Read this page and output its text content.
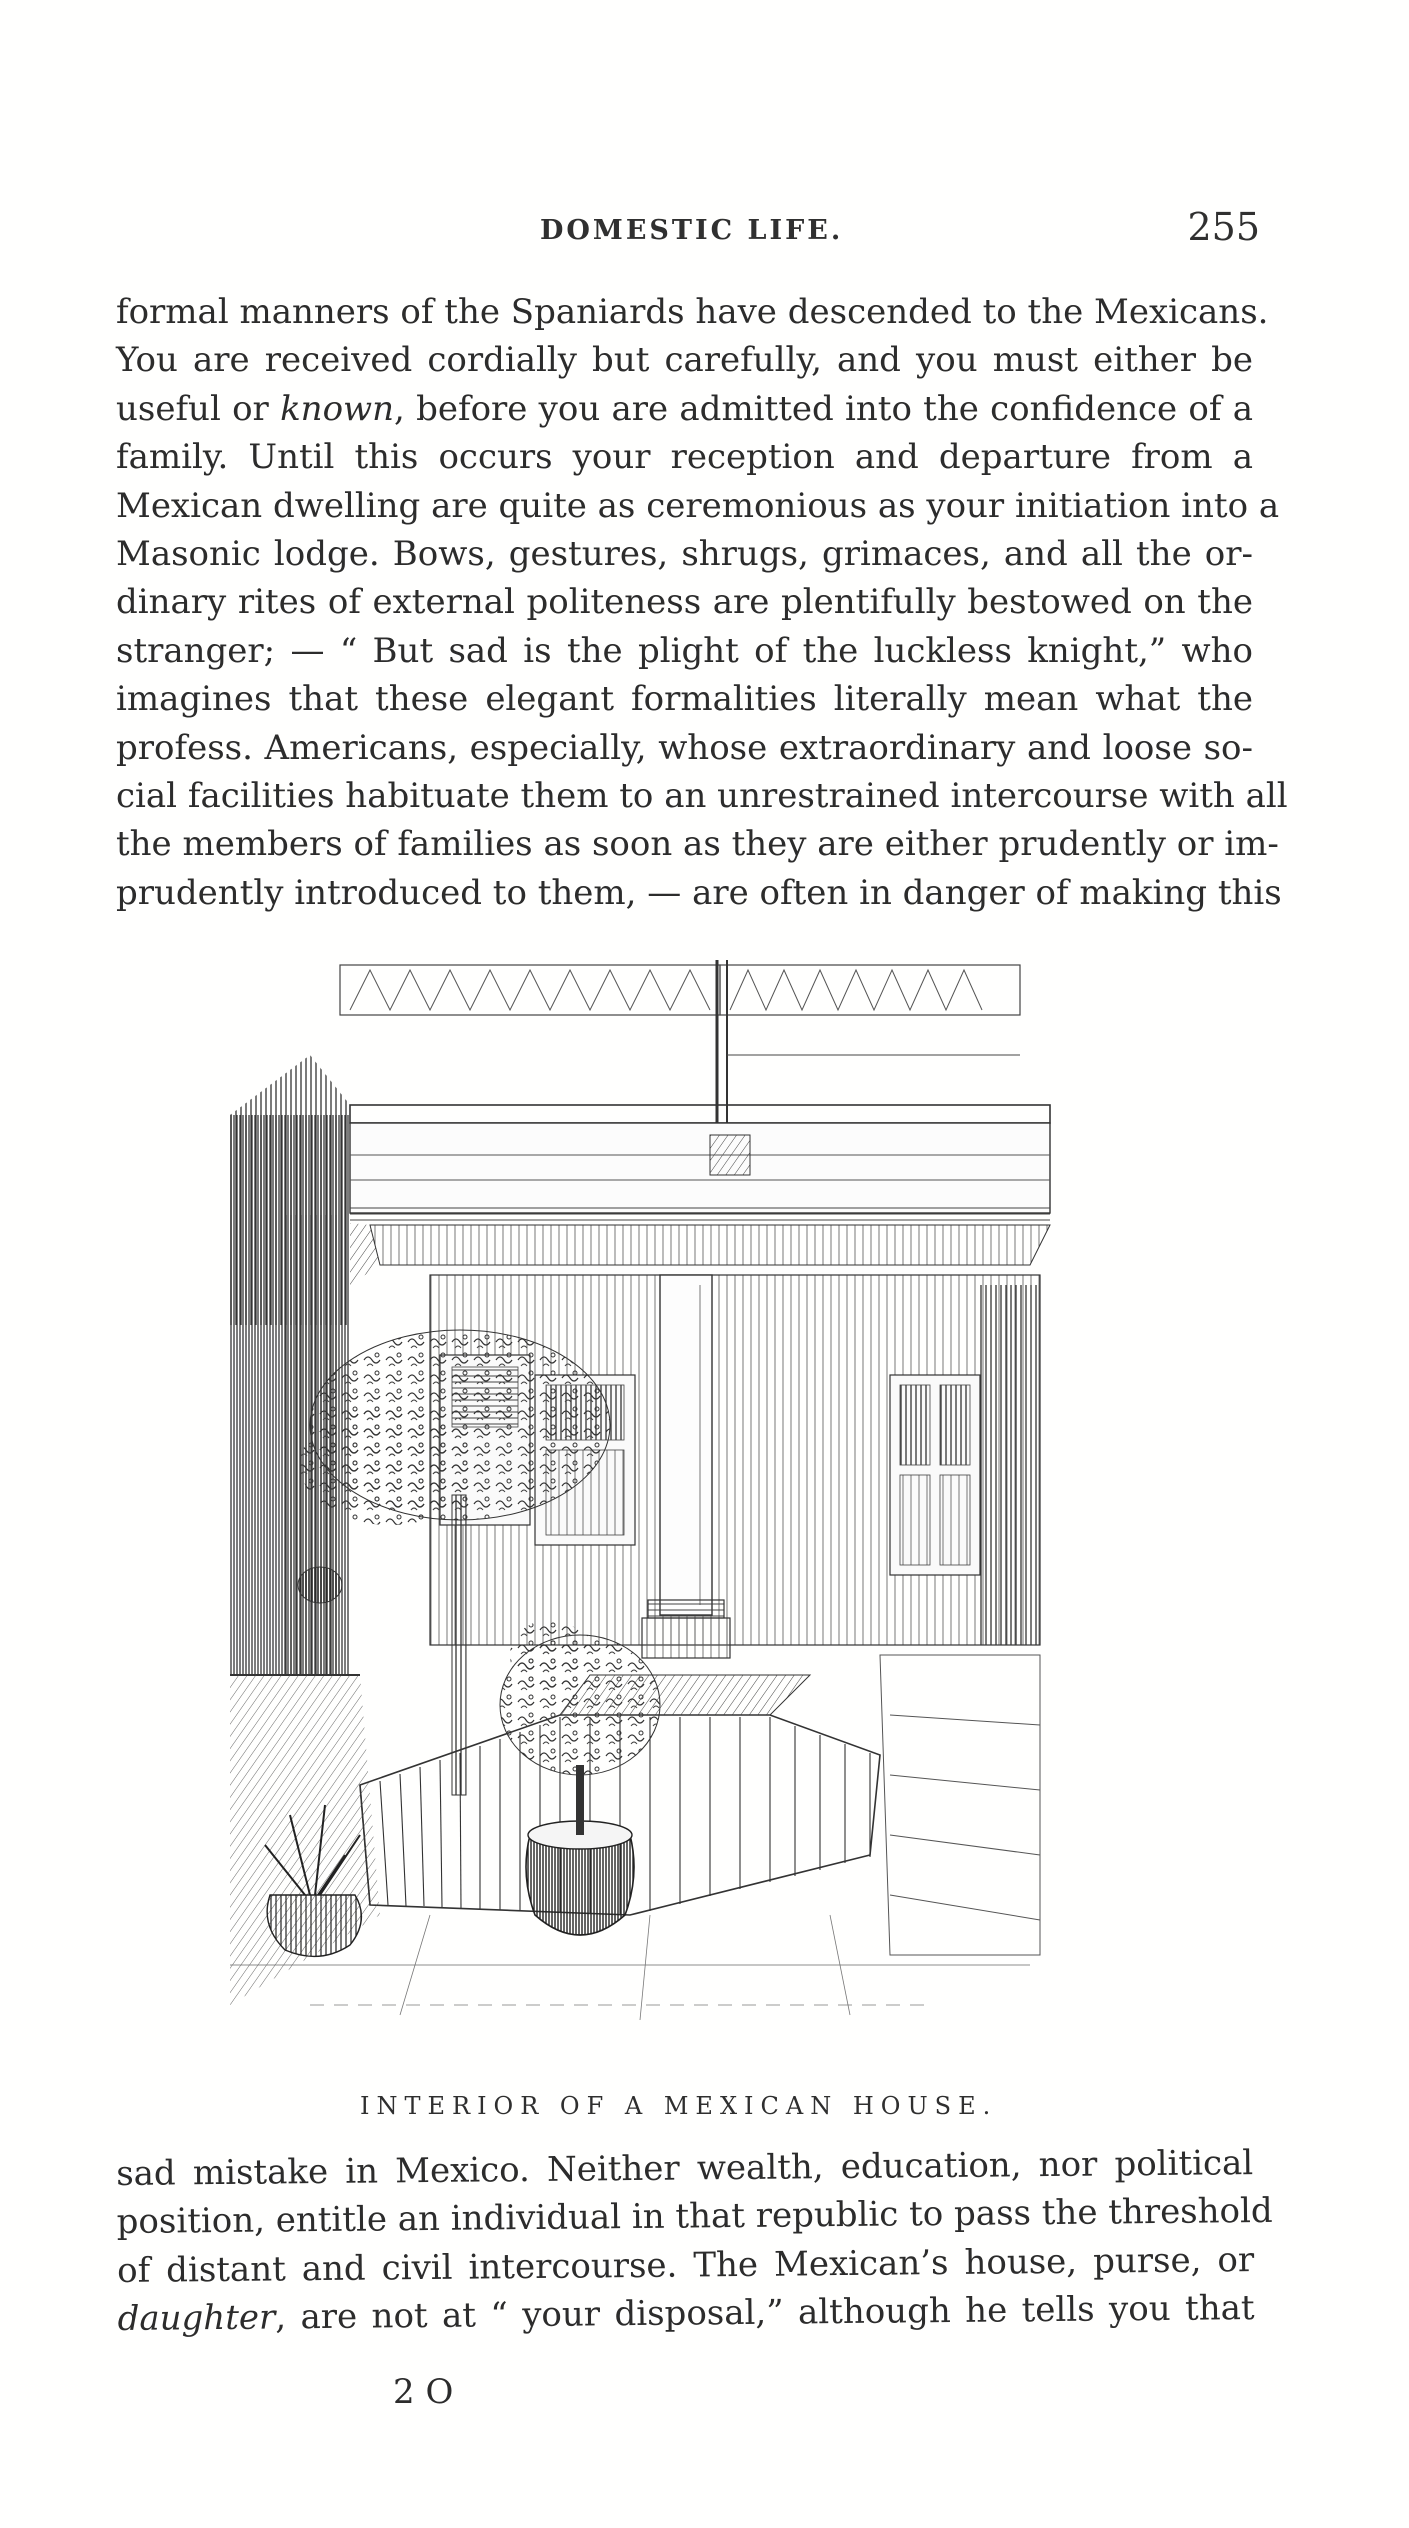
DOMESTIC LIFE.	255
formal manners of the Spaniards have descended to the Mexicans.
You are received cordially but carefully, and you must either be
useful or known, before you are admitted into the confidence of a
family. Until this occurs your reception and departure from a
Mexican dwelling are quite as ceremonious as your initiation into a
Masonic lodge. Bows, gestures, shrugs, grimaces, and all the or-
dinary rites of external politeness are plentifully bestowed on the
stranger; — “ But sad is the plight of the luckless knight,” who
imagines that these elegant formalities literally mean what the
profess. Americans, especially, whose extraordinary and loose so-
cial facilities habituate them to an unrestrained intercourse with all
the members of families as soon as they are either prudently or im-
prudently introduced to them, — are often in danger of making this
INTERIOR OF A MEXICAN HOUSE.
sad mistake in Mexico. Neither wealth, education, nor political
position, entitle an individual in that republic to pass the threshold
of distant and civil intercourse. The Mexican’s house, purse, or
daughter, are not at “ your disposal,” although he tells you that
2 O
